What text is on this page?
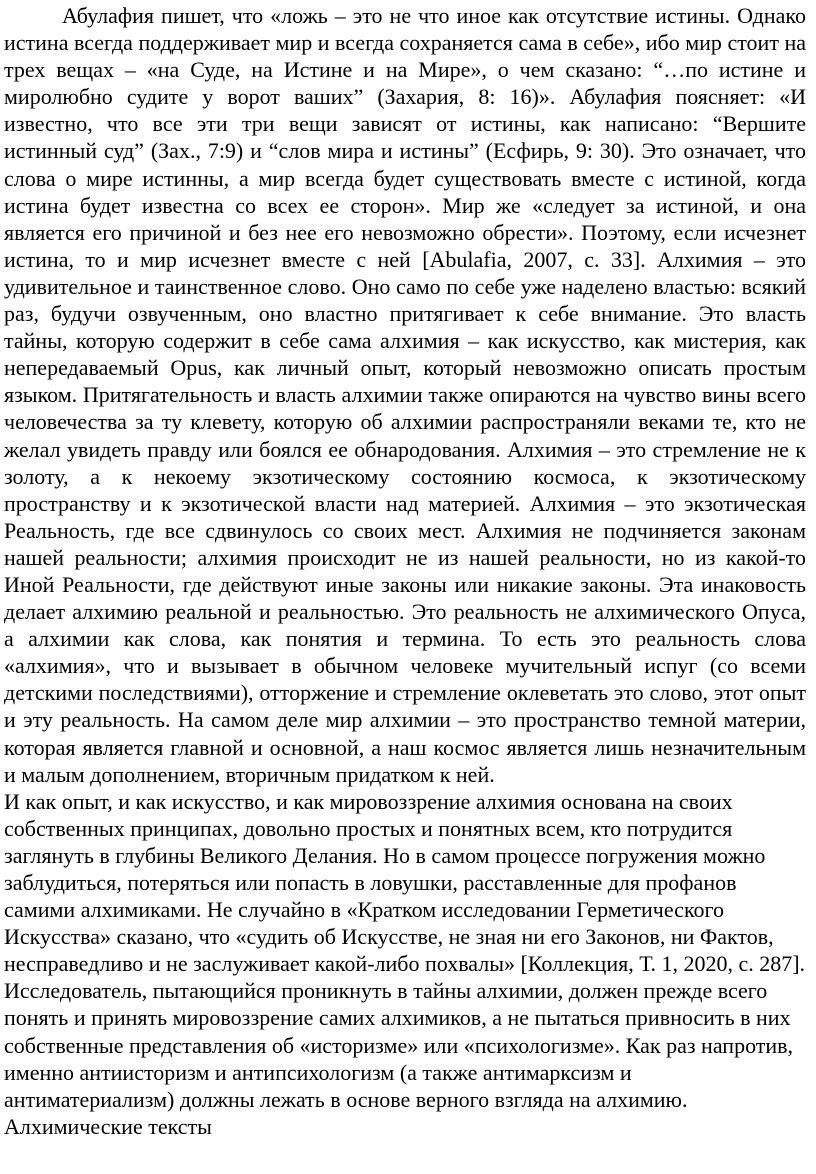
Абулафия пишет, что «ложь – это не что иное как отсутствие истины. Однако истина всегда поддерживает мир и всегда сохраняется сама в себе», ибо мир стоит на трех вещах – «на Суде, на Истине и на Мире», о чем сказано: “…по истине и миролюбно судите у ворот ваших” (Захария, 8: 16)». Абулафия поясняет: «И известно, что все эти три вещи зависят от истины, как написано: “Вершите истинный суд” (Зах., 7:9) и “слов мира и истины” (Есфирь, 9: 30). Это означает, что слова о мире истинны, а мир всегда будет существовать вместе с истиной, когда истина будет известна со всех ее сторон». Мир же «следует за истиной, и она является его причиной и без нее его невозможно обрести». Поэтому, если исчезнет истина, то и мир исчезнет вместе с ней [Abulafia, 2007, с. 33]. Алхимия – это удивительное и таинственное слово. Оно само по себе уже наделено властью: всякий раз, будучи озвученным, оно властно притягивает к себе внимание. Это власть тайны, которую содержит в себе сама алхимия – как искусство, как мистерия, как непередаваемый Opus, как личный опыт, который невозможно описать простым языком. Притягательность и власть алхимии также опираются на чувство вины всего человечества за ту клевету, которую об алхимии распространяли веками те, кто не желал увидеть правду или боялся ее обнародования. Алхимия – это стремление не к золоту, а к некоему экзотическому состоянию космоса, к экзотическому пространству и к экзотической власти над материей. Алхимия – это экзотическая Реальность, где все сдвинулось со своих мест. Алхимия не подчиняется законам нашей реальности; алхимия происходит не из нашей реальности, но из какой-то Иной Реальности, где действуют иные законы или никакие законы. Эта инаковость делает алхимию реальной и реальностью. Это реальность не алхимического Опуса, а алхимии как слова, как понятия и термина. То есть это реальность слова «алхимия», что и вызывает в обычном человеке мучительный испуг (со всеми детскими последствиями), отторжение и стремление оклеветать это слово, этот опыт и эту реальность. На самом деле мир алхимии – это пространство темной материи, которая является главной и основной, а наш космос является лишь незначительным и малым дополнением, вторичным придатком к ней.

И как опыт, и как искусство, и как мировоззрение алхимия основана на своих собственных принципах, довольно простых и понятных всем, кто потрудится заглянуть в глубины Великого Делания. Но в самом процессе погружения можно заблудиться, потеряться или попасть в ловушки, расставленные для профанов самими алхимиками. Не случайно в «Кратком исследовании Герметического Искусства» сказано, что «судить об Искусстве, не зная ни его Законов, ни Фактов, несправедливо и не заслуживает какой-либо похвалы» [Коллекция, Т. 1, 2020, с. 287]. Исследователь, пытающийся проникнуть в тайны алхимии, должен прежде всего понять и принять мировоззрение самих алхимиков, а не пытаться привносить в них собственные представления об «историзме» или «психологизме». Как раз напротив, именно антиисторизм и антипсихологизм (а также антимарксизм и антиматериализм) должны лежать в основе верного взгляда на алхимию. Алхимические тексты
